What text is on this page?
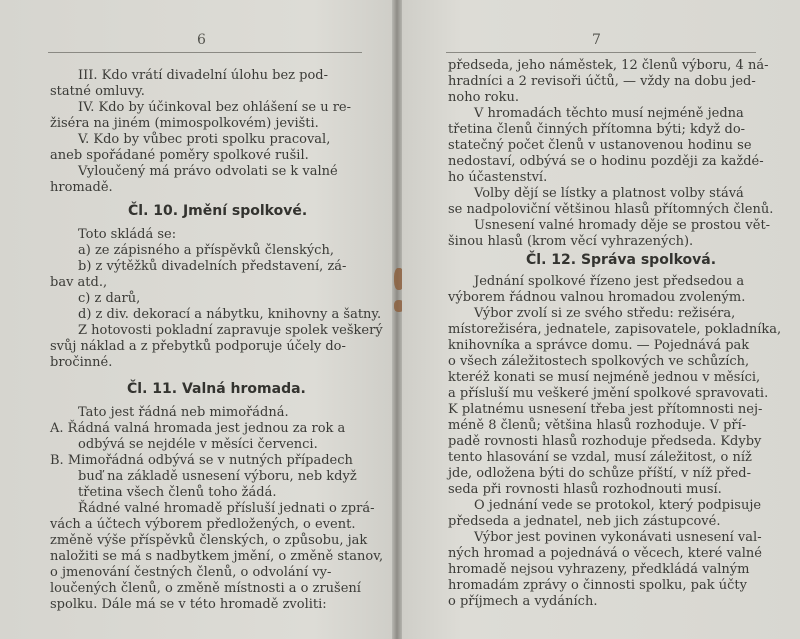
6
III. Kdo vrátí divadelní úlohu bez pod-
statné omluvy.
IV. Kdo by účinkoval bez ohlášení se u re-
žiséra na jiném (mimospolkovém) jevišti.
V. Kdo by vůbec proti spolku pracoval,
aneb spořádané poměry spolkové rušil.
Vyloučený má právo odvolati se k valné
hromadě.
Čl. 10. Jmění spolkové.
Toto skládá se:
a) ze zápisného a příspěvků členských,
b) z výtěžků divadelních představení, zá-
bav atd.,
c) z darů,
d) z div. dekorací a nábytku, knihovny a šatny.
Z hotovosti pokladní zapravuje spolek veškerý
svůj náklad a z přebytků podporuje účely do-
bročinné.
Čl. 11. Valná hromada.
Tato jest řádná neb mimořádná.
A. Řádná valná hromada jest jednou za rok a
odbývá se nejdéle v měsíci červenci.
B. Mimořádná odbývá se v nutných případech
buď na základě usnesení výboru, neb když
třetina všech členů toho žádá.
Řádné valné hromadě přísluší jednati o zprá-
vách a účtech výborem předložených, o event.
změně výše příspěvků členských, o způsobu, jak
naložiti se má s nadbytkem jmění, o změně stanov,
o jmenování čestných členů, o odvolání vy-
loučených členů, o změně místnosti a o zrušení
spolku. Dále má se v této hromadě zvoliti:
7
předseda, jeho náměstek, 12 členů výboru, 4 ná-
hradníci a 2 revisoři účtů, — vždy na dobu jed-
noho roku.
V hromadách těchto musí nejméně jedna
třetina členů činných přítomna býti; když do-
statečný počet členů v ustanovenou hodinu se
nedostaví, odbývá se o hodinu později za každé-
ho účastenství.
Volby dějí se lístky a platnost volby stává
se nadpoloviční většinou hlasů přítomných členů.
Usnesení valné hromady děje se prostou vět-
šinou hlasů (krom věcí vyhrazených).
Čl. 12. Správa spolková.
Jednání spolkové řízeno jest předsedou a
výborem řádnou valnou hromadou zvoleným.
Výbor zvolí si ze svého středu: režiséra,
místorežiséra, jednatele, zapisovatele, pokladníka,
knihovníka a správce domu. — Pojednává pak
o všech záležitostech spolkových ve schůzích,
kteréž konati se musí nejméně jednou v měsíci,
a přísluší mu veškeré jmění spolkové spravovati.
K platnému usnesení třeba jest přítomnosti nej-
méně 8 členů; většina hlasů rozhoduje. V pří-
padě rovnosti hlasů rozhoduje předseda. Kdyby
tento hlasování se vzdal, musí záležitost, o níž
jde, odložena býti do schůze příští, v níž před-
seda při rovnosti hlasů rozhodnouti musí.
O jednání vede se protokol, který podpisuje
předseda a jednatel, neb jich zástupcové.
Výbor jest povinen vykonávati usnesení val-
ných hromad a pojednává o věcech, které valné
hromadě nejsou vyhrazeny, předkládá valným
hromadám zprávy o činnosti spolku, pak účty
o příjmech a vydáních.
